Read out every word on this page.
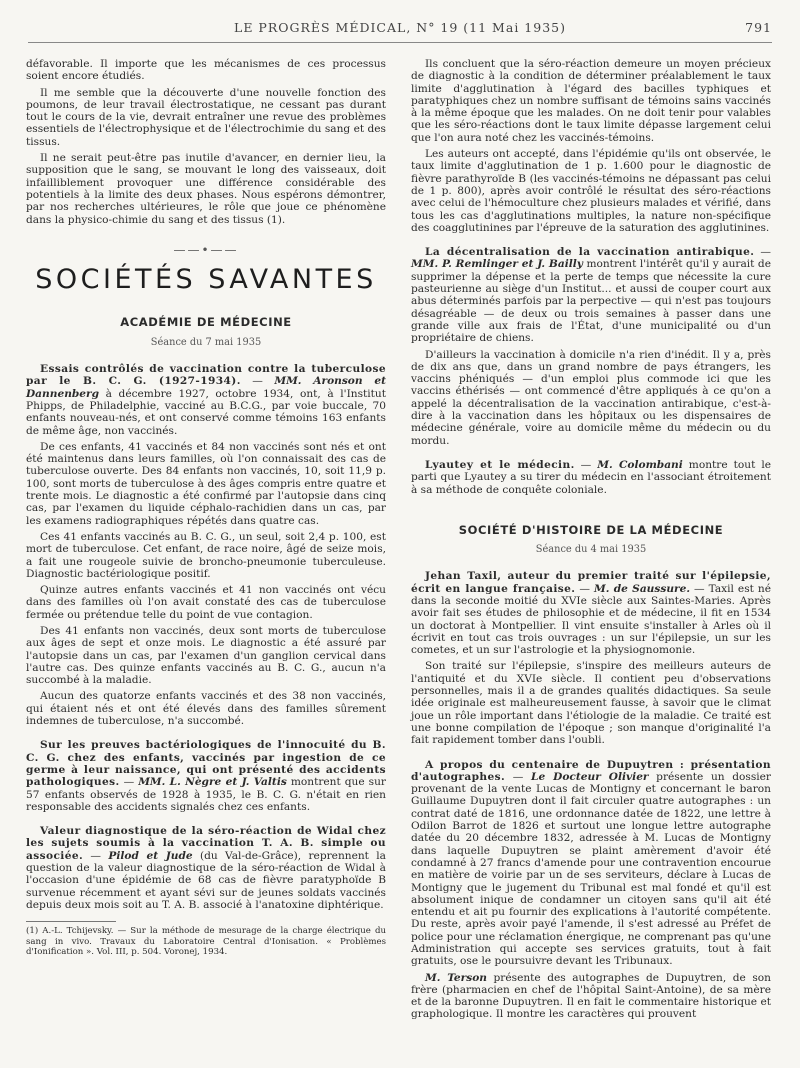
LE PROGRÈS MÉDICAL, N° 19 (11 Mai 1935)	791

défavorable. Il importe que les mécanismes de ces processus soient encore étudiés.

Il me semble que la découverte d'une nouvelle fonction des poumons, de leur travail électrostatique, ne cessant pas durant tout le cours de la vie, devrait entraîner une revue des problèmes essentiels de l'électrophysique et de l'électrochimie du sang et des tissus.

Il ne serait peut-être pas inutile d'avancer, en dernier lieu, la supposition que le sang, se mouvant le long des vaisseaux, doit infailliblement provoquer une différence considérable des potentiels à la limite des deux phases. Nous espérons démontrer, par nos recherches ultérieures, le rôle que joue ce phénomène dans la physico-chimie du sang et des tissus (1).

——•——
SOCIÉTÉS SAVANTES
ACADÉMIE DE MÉDECINE
Séance du 7 mai 1935

Essais contrôlés de vaccination contre la tuberculose par le B. C. G. (1927-1934). — MM. Aronson et Dannenberg à décembre 1927, octobre 1934, ont, à l'Institut Phipps, de Philadelphie, vacciné au B.C.G., par voie buccale, 70 enfants nouveau-nés, et ont conservé comme témoins 163 enfants de même âge, non vaccinés.

De ces enfants, 41 vaccinés et 84 non vaccinés sont nés et ont été maintenus dans leurs familles, où l'on connaissait des cas de tuberculose ouverte. Des 84 enfants non vaccinés, 10, soit 11,9 p. 100, sont morts de tuberculose à des âges compris entre quatre et trente mois. Le diagnostic a été confirmé par l'autopsie dans cinq cas, par l'examen du liquide céphalo-rachidien dans un cas, par les examens radiographiques répétés dans quatre cas.

Ces 41 enfants vaccinés au B. C. G., un seul, soit 2,4 p. 100, est mort de tuberculose. Cet enfant, de race noire, âgé de seize mois, a fait une rougeole suivie de broncho-pneumonie tuberculeuse. Diagnostic bactériologique positif.

Quinze autres enfants vaccinés et 41 non vaccinés ont vécu dans des familles où l'on avait constaté des cas de tuberculose fermée ou prétendue telle du point de vue contagion.

Des 41 enfants non vaccinés, deux sont morts de tuberculose aux âges de sept et onze mois. Le diagnostic a été assuré par l'autopsie dans un cas, par l'examen d'un ganglion cervical dans l'autre cas. Des quinze enfants vaccinés au B. C. G., aucun n'a succombé à la maladie.

Aucun des quatorze enfants vaccinés et des 38 non vaccinés, qui étaient nés et ont été élevés dans des familles sûrement indemnes de tuberculose, n'a succombé.

Sur les preuves bactériologiques de l'innocuité du B. C. G. chez des enfants, vaccinés par ingestion de ce germe à leur naissance, qui ont présenté des accidents pathologiques. — MM. L. Nègre et J. Valtis montrent que sur 57 enfants observés de 1928 à 1935, le B. C. G. n'était en rien responsable des accidents signalés chez ces enfants.

Valeur diagnostique de la séro-réaction de Widal chez les sujets soumis à la vaccination T. A. B. simple ou associée. — Pilod et Jude (du Val-de-Grâce), reprennent la question de la valeur diagnostique de la séro-réaction de Widal à l'occasion d'une épidémie de 68 cas de fièvre paratyphoïde B survenue récemment et ayant sévi sur de jeunes soldats vaccinés depuis deux mois soit au T. A. B. associé à l'anatoxine diphtérique.

(1) A.-L. Tchijevsky. — Sur la méthode de mesurage de la charge électrique du sang in vivo. Travaux du Laboratoire Central d'Ionisation. « Problèmes d'Ionification ». Vol. III, p. 504. Voronej, 1934.

Ils concluent que la séro-réaction demeure un moyen précieux de diagnostic à la condition de déterminer préalablement le taux limite d'agglutination à l'égard des bacilles typhiques et paratyphiques chez un nombre suffisant de témoins sains vaccinés à la même époque que les malades. On ne doit tenir pour valables que les séro-réactions dont le taux limite dépasse largement celui que l'on aura noté chez les vaccinés-témoins.

Les auteurs ont accepté, dans l'épidémie qu'ils ont observée, le taux limite d'agglutination de 1 p. 1.600 pour le diagnostic de fièvre parathyroïde B (les vaccinés-témoins ne dépassant pas celui de 1 p. 800), après avoir contrôlé le résultat des séro-réactions avec celui de l'hémoculture chez plusieurs malades et vérifié, dans tous les cas d'agglutinations multiples, la nature non-spécifique des coagglutinines par l'épreuve de la saturation des agglutinines.

La décentralisation de la vaccination antirabique. — MM. P. Remlinger et J. Bailly montrent l'intérêt qu'il y aurait de supprimer la dépense et la perte de temps que nécessite la cure pasteurienne au siège d'un Institut... et aussi de couper court aux abus déterminés parfois par la perpective — qui n'est pas toujours désagréable — de deux ou trois semaines à passer dans une grande ville aux frais de l'État, d'une municipalité ou d'un propriétaire de chiens.

D'ailleurs la vaccination à domicile n'a rien d'inédit. Il y a, près de dix ans que, dans un grand nombre de pays étrangers, les vaccins phéniqués — d'un emploi plus commode ici que les vaccins éthérisés — ont commencé d'être appliqués à ce qu'on a appelé la décentralisation de la vaccination antirabique, c'est-à-dire à la vaccination dans les hôpitaux ou les dispensaires de médecine générale, voire au domicile même du médecin ou du mordu.

Lyautey et le médecin. — M. Colombani montre tout le parti que Lyautey a su tirer du médecin en l'associant étroitement à sa méthode de conquête coloniale.

SOCIÉTÉ D'HISTOIRE DE LA MÉDECINE
Séance du 4 mai 1935

Jehan Taxil, auteur du premier traité sur l'épilepsie, écrit en langue française. — M. de Saussure. — Taxil est né dans la seconde moitié du XVIe siècle aux Saintes-Maries. Après avoir fait ses études de philosophie et de médecine, il fit en 1534 un doctorat à Montpellier. Il vint ensuite s'installer à Arles où il écrivit en tout cas trois ouvrages : un sur l'épilepsie, un sur les cometes, et un sur l'astrologie et la physiognomonie.

Son traité sur l'épilepsie, s'inspire des meilleurs auteurs de l'antiquité et du XVIe siècle. Il contient peu d'observations personnelles, mais il a de grandes qualités didactiques. Sa seule idée originale est malheureusement fausse, à savoir que le climat joue un rôle important dans l'étiologie de la maladie. Ce traité est une bonne compilation de l'époque ; son manque d'originalité l'a fait rapidement tomber dans l'oubli.

A propos du centenaire de Dupuytren : présentation d'autographes. — Le Docteur Olivier présente un dossier provenant de la vente Lucas de Montigny et concernant le baron Guillaume Dupuytren dont il fait circuler quatre autographes : un contrat daté de 1816, une ordonnance datée de 1822, une lettre à Odilon Barrot de 1826 et surtout une longue lettre autographe datée du 20 décembre 1832, adressée à M. Lucas de Montigny dans laquelle Dupuytren se plaint amèrement d'avoir été condamné à 27 francs d'amende pour une contravention encourue en matière de voirie par un de ses serviteurs, déclare à Lucas de Montigny que le jugement du Tribunal est mal fondé et qu'il est absolument inique de condamner un citoyen sans qu'il ait été entendu et ait pu fournir des explications à l'autorité compétente. Du reste, après avoir payé l'amende, il s'est adressé au Préfet de police pour une réclamation énergique, ne comprenant pas qu'une Administration qui accepte ses services gratuits, tout à fait gratuits, ose le poursuivre devant les Tribunaux.

M. Terson présente des autographes de Dupuytren, de son frère (pharmacien en chef de l'hôpital Saint-Antoine), de sa mère et de la baronne Dupuytren. Il en fait le commentaire historique et graphologique. Il montre les caractères qui prouvent
